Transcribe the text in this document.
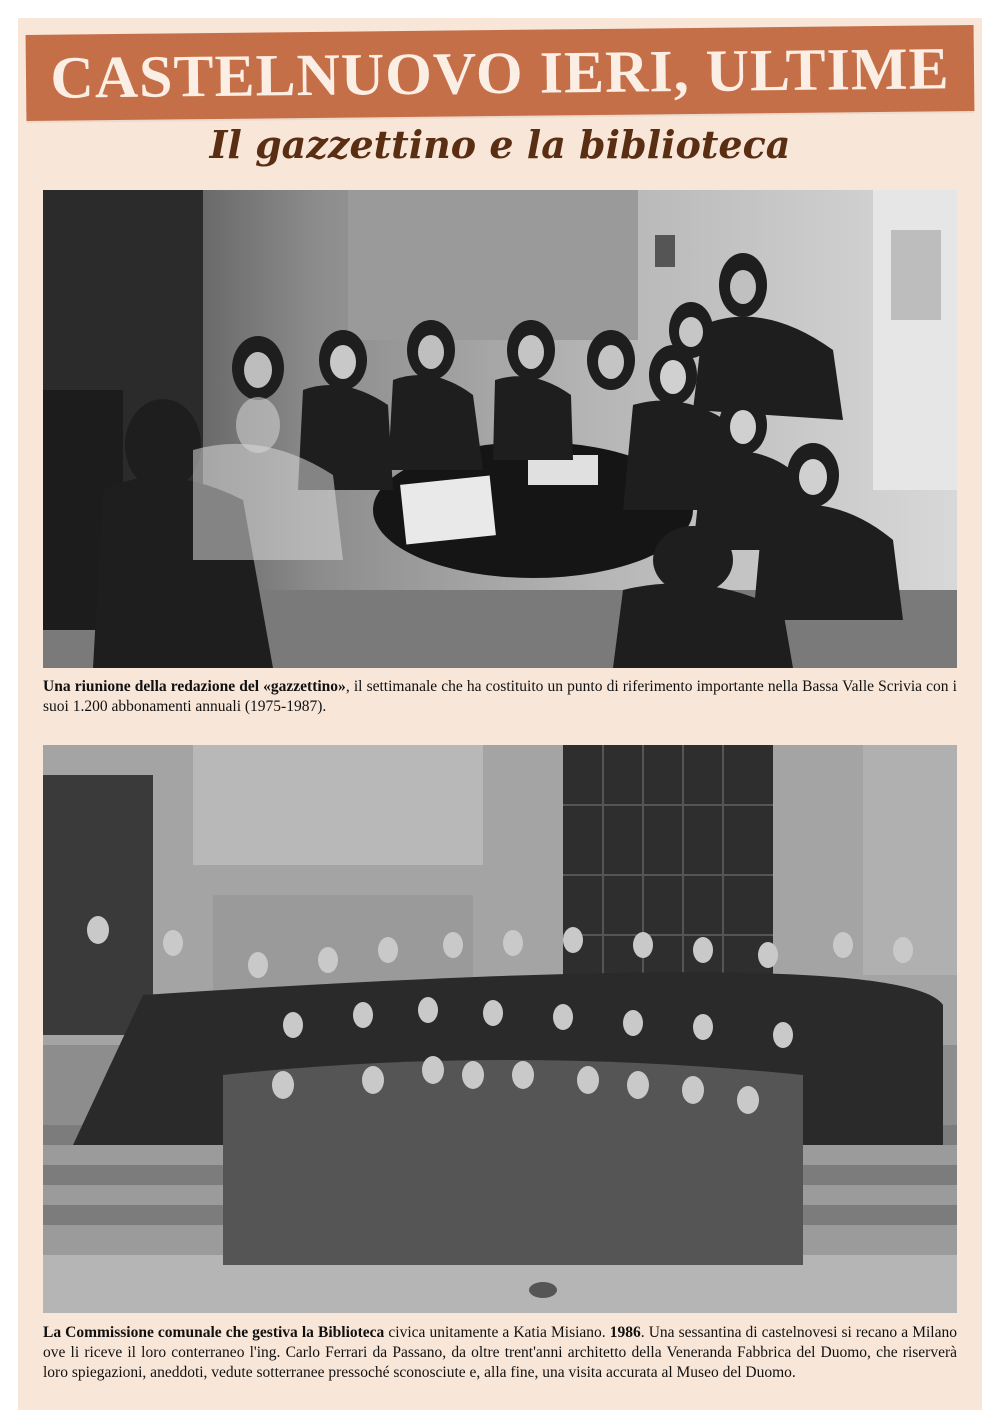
CASTELNUOVO IERI, ULTIME
Il gazzettino e la biblioteca

Una riunione della redazione del «gazzettino», il settimanale che ha costituito un punto di riferimento importante nella Bassa Valle Scrivia con i suoi 1.200 abbonamenti annuali (1975-1987).

La Commissione comunale che gestiva la Biblioteca civica unitamente a Katia Misiano. 1986. Una sessantina di castelnovesi si recano a Milano ove li riceve il loro conterraneo l'ing. Carlo Ferrari da Passano, da oltre trent'anni architetto della Veneranda Fabbrica del Duomo, che riserverà loro spiegazioni, aneddoti, vedute sotterranee pressoché sconosciute e, alla fine, una visita accurata al Museo del Duomo.
